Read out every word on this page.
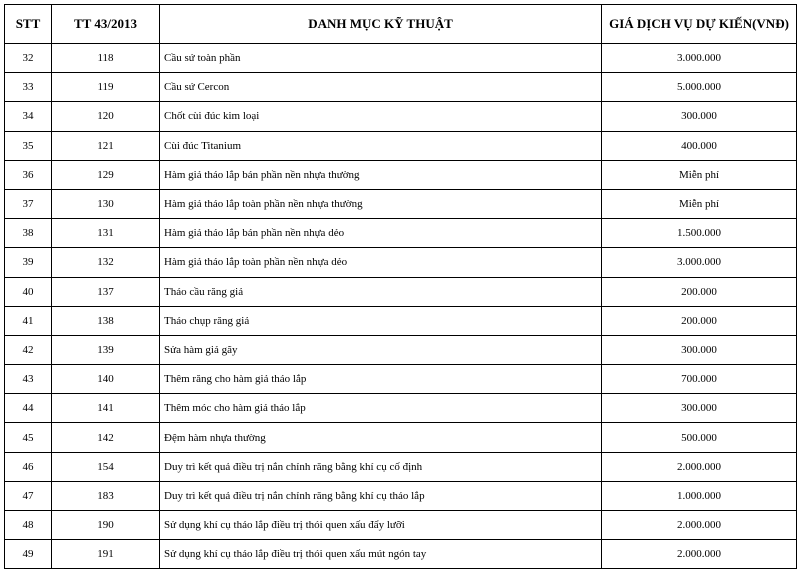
STT	TT 43/2013	DANH MỤC KỸ THUẬT	GIÁ DỊCH VỤ DỰ KIẾN(VNĐ)
32	118	Cầu sứ toàn phần	3.000.000
33	119	Cầu sứ Cercon	5.000.000
34	120	Chốt cùi đúc kim loại	300.000
35	121	Cùi đúc Titanium	400.000
36	129	Hàm giả tháo lắp bán phần nền nhựa thường	Miễn phí
37	130	Hàm giả tháo lắp toàn phần nền nhựa thường	Miễn phí
38	131	Hàm giả tháo lắp bán phần nền nhựa dẻo	1.500.000
39	132	Hàm giả tháo lắp toàn phần nền nhựa dẻo	3.000.000
40	137	Tháo cầu răng giả	200.000
41	138	Tháo chụp răng giả	200.000
42	139	Sửa hàm giả gãy	300.000
43	140	Thêm răng cho hàm giả tháo lắp	700.000
44	141	Thêm móc cho hàm giả tháo lắp	300.000
45	142	Đệm hàm nhựa thường	500.000
46	154	Duy trì kết quả điều trị nắn chỉnh răng bằng khí cụ cố định	2.000.000
47	183	Duy trì kết quả điều trị nắn chỉnh răng bằng khí cụ tháo lắp	1.000.000
48	190	Sử dụng khí cụ tháo lắp điều trị thói quen xấu đẩy lưỡi	2.000.000
49	191	Sử dụng khí cụ tháo lắp điều trị thói quen xấu mút ngón tay	2.000.000
